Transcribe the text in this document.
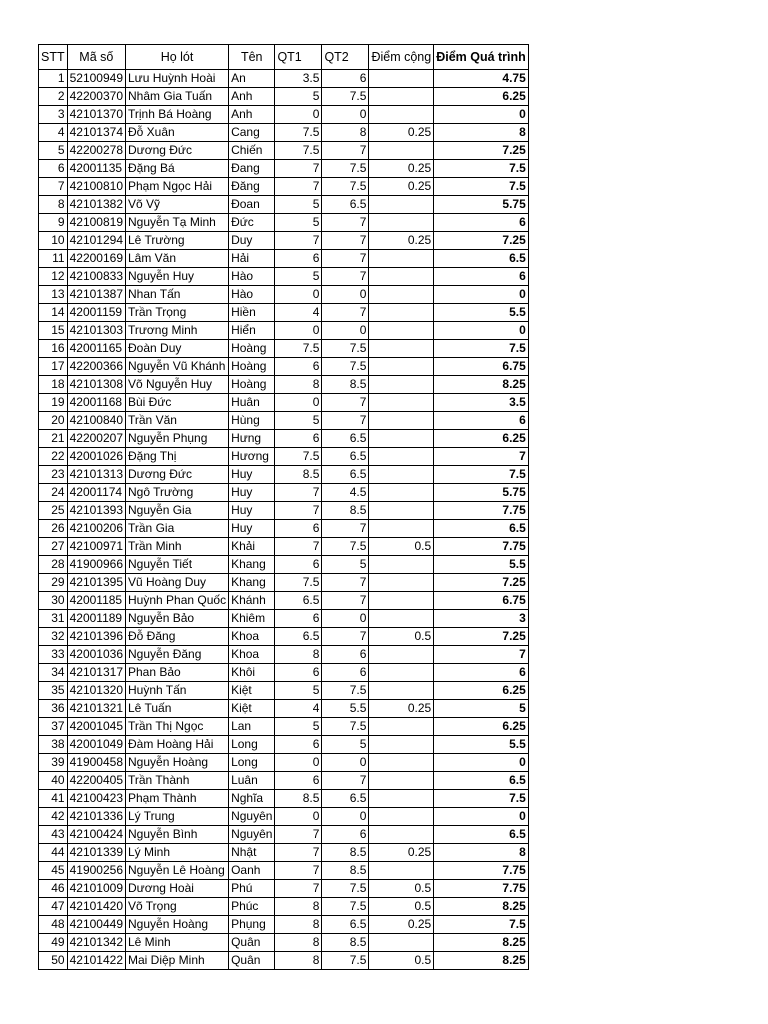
STT	Mã số	Họ lót	Tên	QT1	QT2	Điểm cộng	Điểm Quá trình
1	52100949	Lưu Huỳnh Hoài	An	3.5	6		4.75
2	42200370	Nhâm Gia Tuấn	Anh	5	7.5		6.25
3	42101370	Trịnh Bá Hoàng	Anh	0	0		0
4	42101374	Đỗ Xuân	Cang	7.5	8	0.25	8
5	42200278	Dương Đức	Chiến	7.5	7		7.25
6	42001135	Đặng Bá	Đang	7	7.5	0.25	7.5
7	42100810	Phạm Ngọc Hải	Đăng	7	7.5	0.25	7.5
8	42101382	Võ Vỹ	Đoan	5	6.5		5.75
9	42100819	Nguyễn Tạ Minh	Đức	5	7		6
10	42101294	Lê Trường	Duy	7	7	0.25	7.25
11	42200169	Lâm Văn	Hải	6	7		6.5
12	42100833	Nguyễn Huy	Hào	5	7		6
13	42101387	Nhan Tấn	Hào	0	0		0
14	42001159	Trần Trọng	Hiền	4	7		5.5
15	42101303	Trương Minh	Hiển	0	0		0
16	42001165	Đoàn Duy	Hoàng	7.5	7.5		7.5
17	42200366	Nguyễn Vũ Khánh	Hoàng	6	7.5		6.75
18	42101308	Võ Nguyễn Huy	Hoàng	8	8.5		8.25
19	42001168	Bùi Đức	Huân	0	7		3.5
20	42100840	Trần Văn	Hùng	5	7		6
21	42200207	Nguyễn Phụng	Hưng	6	6.5		6.25
22	42001026	Đặng Thị	Hương	7.5	6.5		7
23	42101313	Dương Đức	Huy	8.5	6.5		7.5
24	42001174	Ngô Trường	Huy	7	4.5		5.75
25	42101393	Nguyễn Gia	Huy	7	8.5		7.75
26	42100206	Trần Gia	Huy	6	7		6.5
27	42100971	Trần Minh	Khải	7	7.5	0.5	7.75
28	41900966	Nguyễn Tiết	Khang	6	5		5.5
29	42101395	Vũ Hoàng Duy	Khang	7.5	7		7.25
30	42001185	Huỳnh Phan Quốc	Khánh	6.5	7		6.75
31	42001189	Nguyễn Bảo	Khiêm	6	0		3
32	42101396	Đỗ Đăng	Khoa	6.5	7	0.5	7.25
33	42001036	Nguyễn Đăng	Khoa	8	6		7
34	42101317	Phan Bảo	Khôi	6	6		6
35	42101320	Huỳnh Tấn	Kiệt	5	7.5		6.25
36	42101321	Lê Tuấn	Kiệt	4	5.5	0.25	5
37	42001045	Trần Thị Ngọc	Lan	5	7.5		6.25
38	42001049	Đàm Hoàng Hải	Long	6	5		5.5
39	41900458	Nguyễn Hoàng	Long	0	0		0
40	42200405	Trần Thành	Luân	6	7		6.5
41	42100423	Phạm Thành	Nghĩa	8.5	6.5		7.5
42	42101336	Lý Trung	Nguyên	0	0		0
43	42100424	Nguyễn Bình	Nguyên	7	6		6.5
44	42101339	Lý Minh	Nhật	7	8.5	0.25	8
45	41900256	Nguyễn Lê Hoàng	Oanh	7	8.5		7.75
46	42101009	Dương Hoài	Phú	7	7.5	0.5	7.75
47	42101420	Võ Trọng	Phúc	8	7.5	0.5	8.25
48	42100449	Nguyễn Hoàng	Phụng	8	6.5	0.25	7.5
49	42101342	Lê Minh	Quân	8	8.5		8.25
50	42101422	Mai Diệp Minh	Quân	8	7.5	0.5	8.25
